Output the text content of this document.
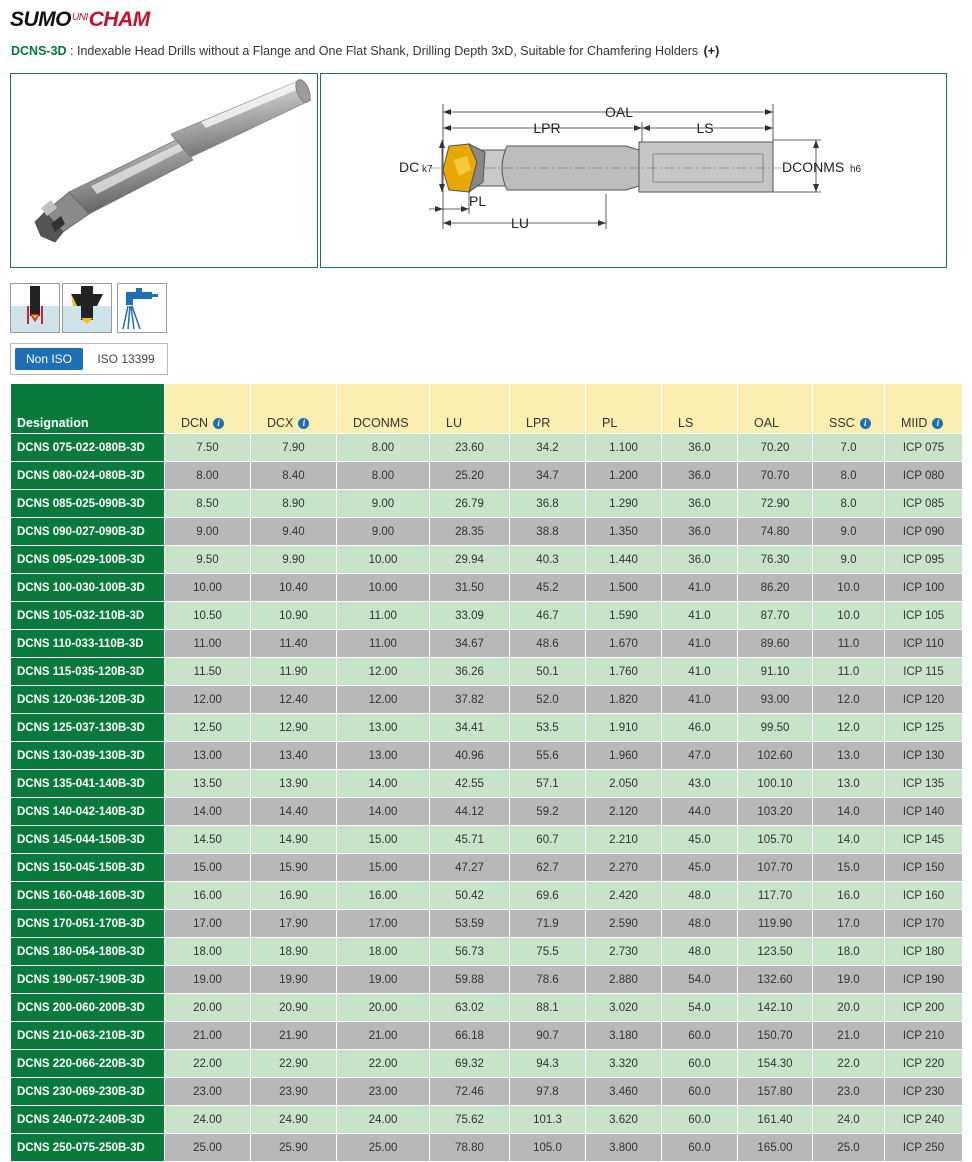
$SUMO^{UNI}CHAM$
DCNS-3D : Indexable Head Drills without a Flange and One Flat Shank, Drilling Depth 3xD, Suitable for Chamfering Holders (+)
OAL
LPR	LS
DC k7
PL
LU
DCONMS h6
Non ISO	ISO 13399
Designation	DCN i	DCX i	DCONMS	LU	LPR	PL	LS	OAL	SSC i	MIID i
DCNS 075-022-080B-3D	7.50	7.90	8.00	23.60	34.2	1.100	36.0	70.20	7.0	ICP 075
DCNS 080-024-080B-3D	8.00	8.40	8.00	25.20	34.7	1.200	36.0	70.70	8.0	ICP 080
DCNS 085-025-090B-3D	8.50	8.90	9.00	26.79	36.8	1.290	36.0	72.90	8.0	ICP 085
DCNS 090-027-090B-3D	9.00	9.40	9.00	28.35	38.8	1.350	36.0	74.80	9.0	ICP 090
DCNS 095-029-100B-3D	9.50	9.90	10.00	29.94	40.3	1.440	36.0	76.30	9.0	ICP 095
DCNS 100-030-100B-3D	10.00	10.40	10.00	31.50	45.2	1.500	41.0	86.20	10.0	ICP 100
DCNS 105-032-110B-3D	10.50	10.90	11.00	33.09	46.7	1.590	41.0	87.70	10.0	ICP 105
DCNS 110-033-110B-3D	11.00	11.40	11.00	34.67	48.6	1.670	41.0	89.60	11.0	ICP 110
DCNS 115-035-120B-3D	11.50	11.90	12.00	36.26	50.1	1.760	41.0	91.10	11.0	ICP 115
DCNS 120-036-120B-3D	12.00	12.40	12.00	37.82	52.0	1.820	41.0	93.00	12.0	ICP 120
DCNS 125-037-130B-3D	12.50	12.90	13.00	34.41	53.5	1.910	46.0	99.50	12.0	ICP 125
DCNS 130-039-130B-3D	13.00	13.40	13.00	40.96	55.6	1.960	47.0	102.60	13.0	ICP 130
DCNS 135-041-140B-3D	13.50	13.90	14.00	42.55	57.1	2.050	43.0	100.10	13.0	ICP 135
DCNS 140-042-140B-3D	14.00	14.40	14.00	44.12	59.2	2.120	44.0	103.20	14.0	ICP 140
DCNS 145-044-150B-3D	14.50	14.90	15.00	45.71	60.7	2.210	45.0	105.70	14.0	ICP 145
DCNS 150-045-150B-3D	15.00	15.90	15.00	47.27	62.7	2.270	45.0	107.70	15.0	ICP 150
DCNS 160-048-160B-3D	16.00	16.90	16.00	50.42	69.6	2.420	48.0	117.70	16.0	ICP 160
DCNS 170-051-170B-3D	17.00	17.90	17.00	53.59	71.9	2.590	48.0	119.90	17.0	ICP 170
DCNS 180-054-180B-3D	18.00	18.90	18.00	56.73	75.5	2.730	48.0	123.50	18.0	ICP 180
DCNS 190-057-190B-3D	19.00	19.90	19.00	59.88	78.6	2.880	54.0	132.60	19.0	ICP 190
DCNS 200-060-200B-3D	20.00	20.90	20.00	63.02	88.1	3.020	54.0	142.10	20.0	ICP 200
DCNS 210-063-210B-3D	21.00	21.90	21.00	66.18	90.7	3.180	60.0	150.70	21.0	ICP 210
DCNS 220-066-220B-3D	22.00	22.90	22.00	69.32	94.3	3.320	60.0	154.30	22.0	ICP 220
DCNS 230-069-230B-3D	23.00	23.90	23.00	72.46	97.8	3.460	60.0	157.80	23.0	ICP 230
DCNS 240-072-240B-3D	24.00	24.90	24.00	75.62	101.3	3.620	60.0	161.40	24.0	ICP 240
DCNS 250-075-250B-3D	25.00	25.90	25.00	78.80	105.0	3.800	60.0	165.00	25.0	ICP 250
